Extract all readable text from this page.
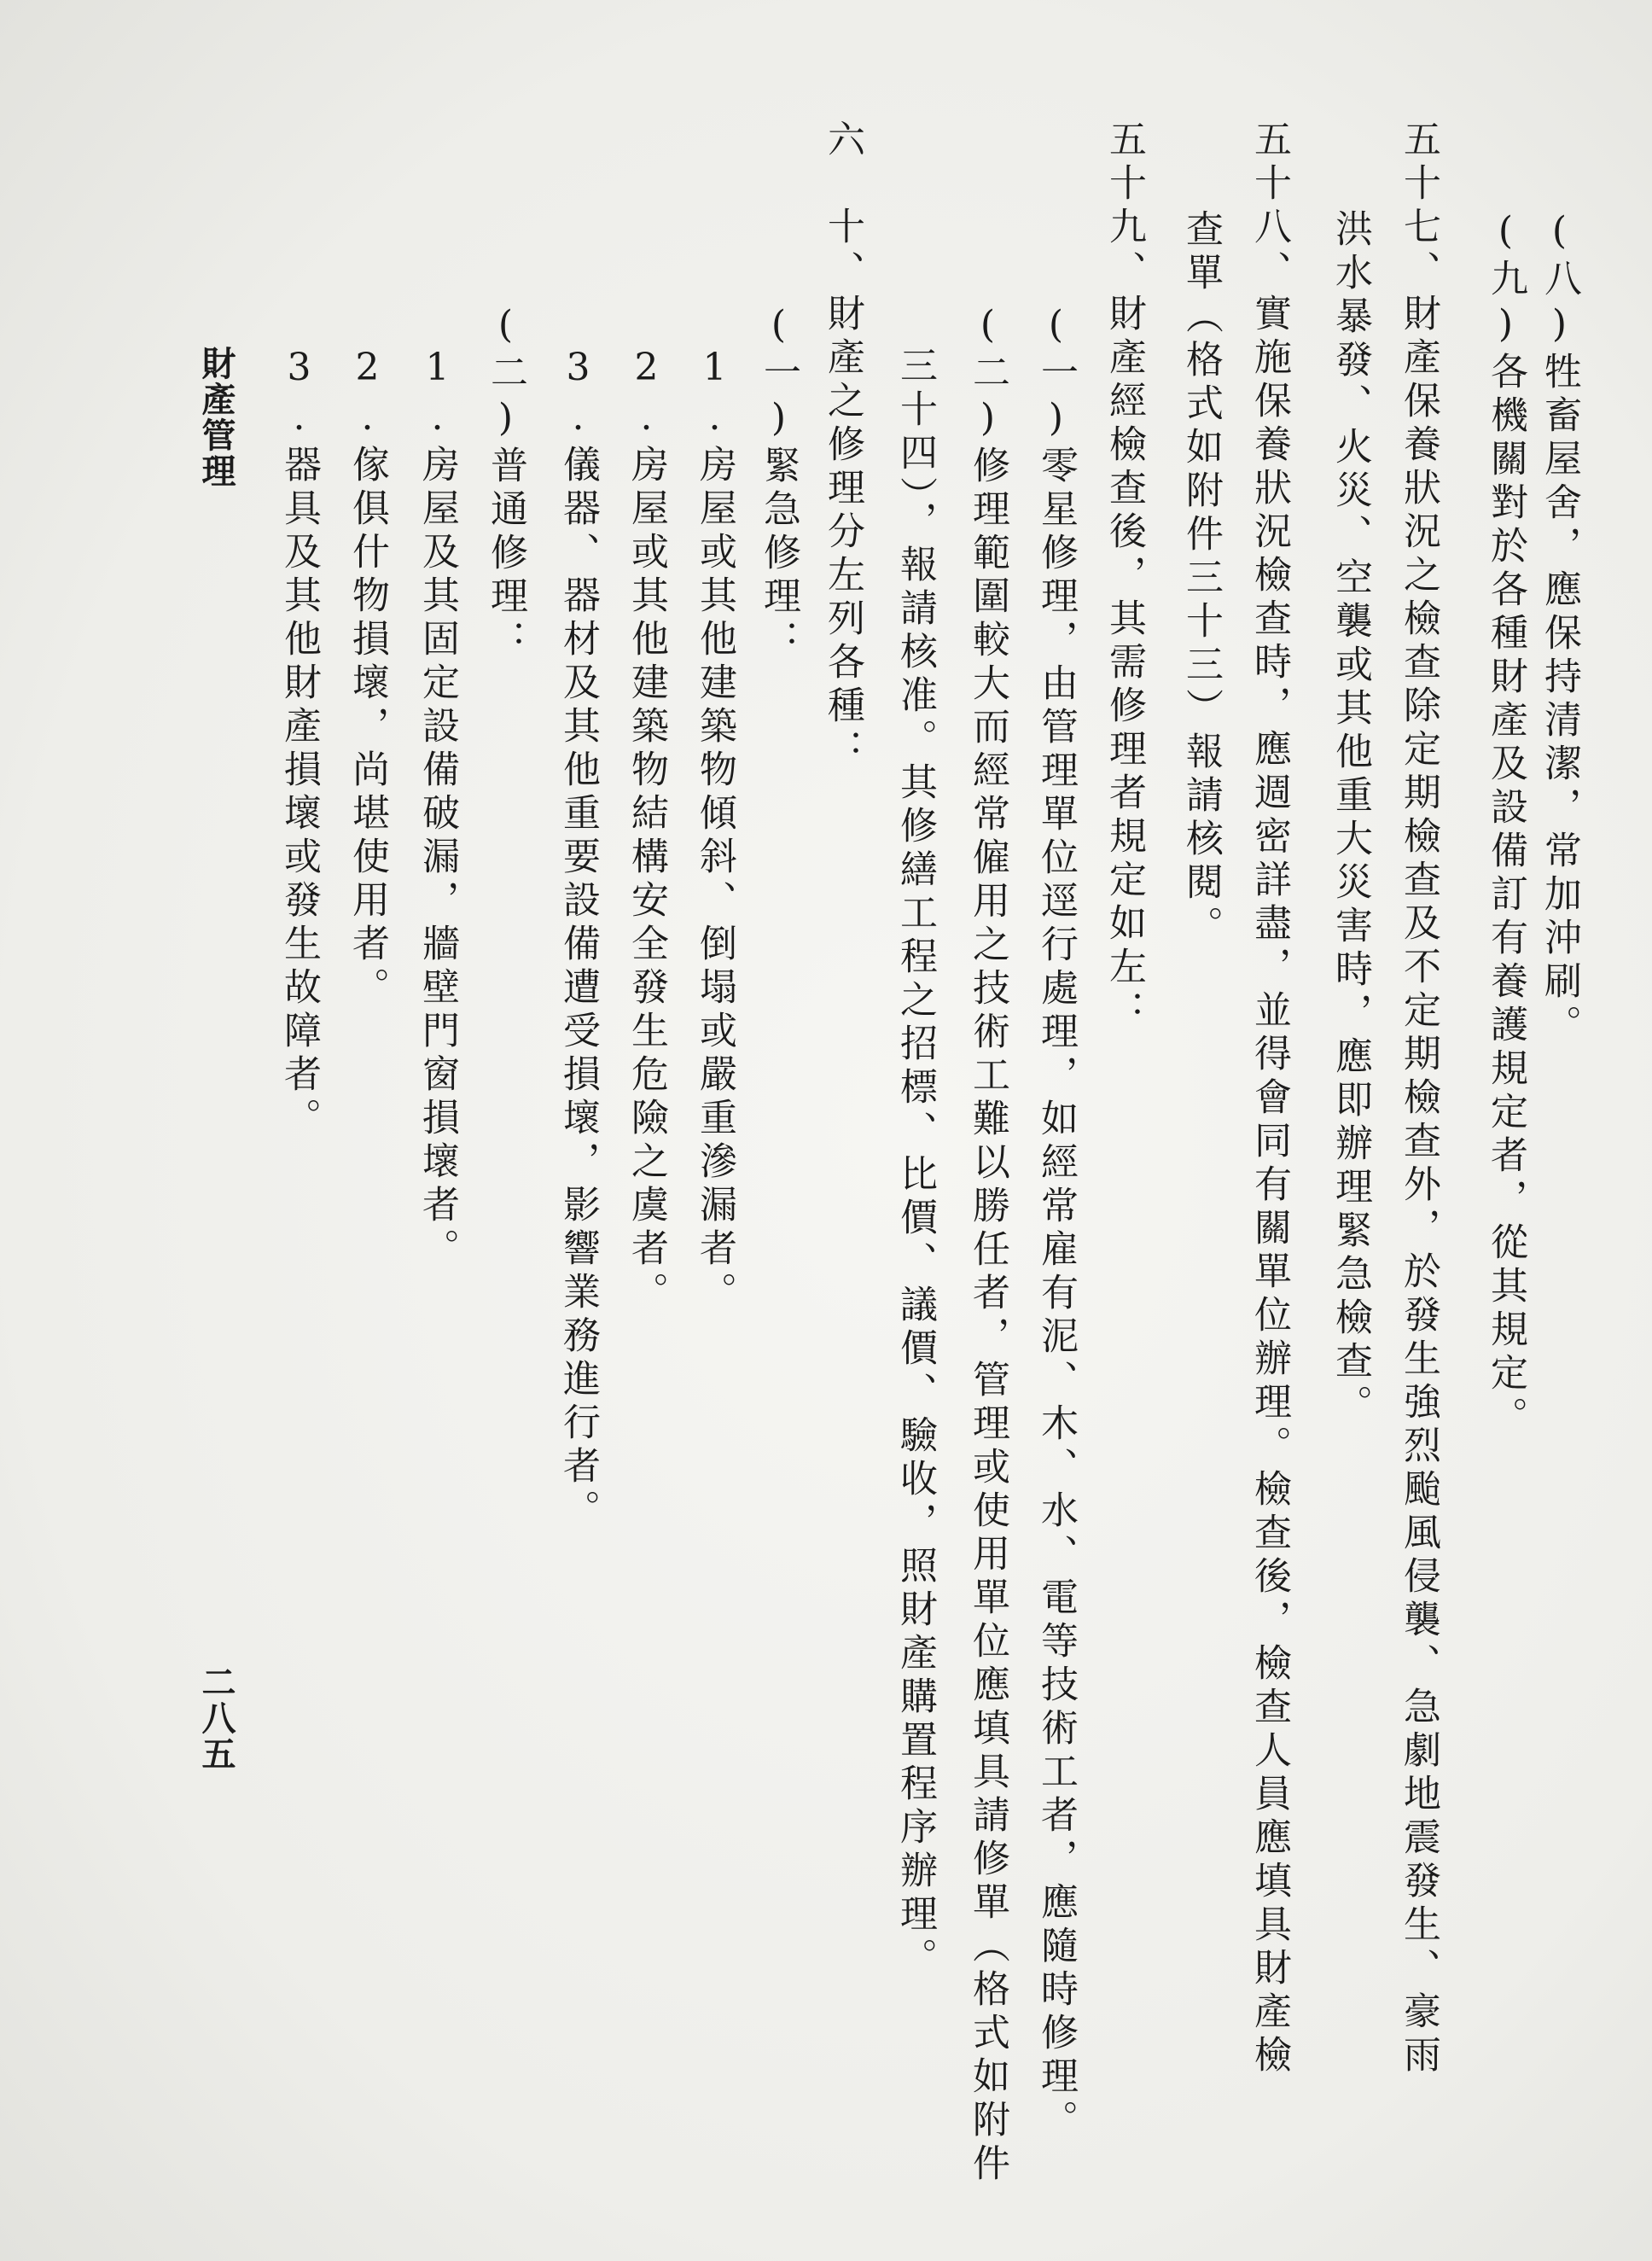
(八)牲畜屋舍，應保持清潔，常加沖刷。
(九)各機關對於各種財產及設備訂有養護規定者，從其規定。
五十七、財產保養狀況之檢查除定期檢查及不定期檢查外，於發生強烈颱風侵襲、急劇地震發生、豪雨
洪水暴發、火災、空襲或其他重大災害時，應即辦理緊急檢查。
五十八、實施保養狀況檢查時，應週密詳盡，並得會同有關單位辦理。檢查後，檢查人員應填具財產檢
查單（格式如附件三十三）報請核閱。
五十九、財產經檢查後，其需修理者規定如左：
(一)零星修理，由管理單位逕行處理，如經常雇有泥、木、水、電等技術工者，應隨時修理。
(二)修理範圍較大而經常僱用之技術工難以勝任者，管理或使用單位應填具請修單（格式如附件
三十四），報請核准。其修繕工程之招標、比價、議價、驗收，照財產購置程序辦理。
六　十、財產之修理分左列各種：
(一)緊急修理：
1.房屋或其他建築物傾斜、倒塌或嚴重滲漏者。
2.房屋或其他建築物結構安全發生危險之虞者。
3.儀器、器材及其他重要設備遭受損壞，影響業務進行者。
(二)普通修理：
1.房屋及其固定設備破漏，牆壁門窗損壞者。
2.傢俱什物損壞，尚堪使用者。
3.器具及其他財產損壞或發生故障者。
財產管理
二八五
